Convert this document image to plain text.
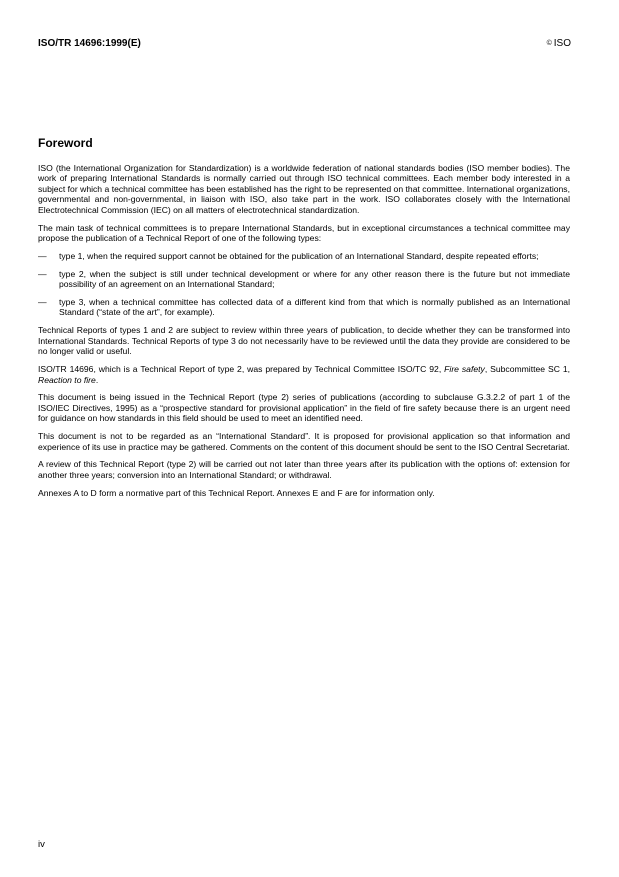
ISO/TR 14696:1999(E)	© ISO
Foreword

ISO (the International Organization for Standardization) is a worldwide federation of national standards bodies (ISO member bodies). The work of preparing International Standards is normally carried out through ISO technical committees. Each member body interested in a subject for which a technical committee has been established has the right to be represented on that committee. International organizations, governmental and non-governmental, in liaison with ISO, also take part in the work. ISO collaborates closely with the International Electrotechnical Commission (IEC) on all matters of electrotechnical standardization.

The main task of technical committees is to prepare International Standards, but in exceptional circumstances a technical committee may propose the publication of a Technical Report of one of the following types:

—	type 1, when the required support cannot be obtained for the publication of an International Standard, despite repeated efforts;
—	type 2, when the subject is still under technical development or where for any other reason there is the future but not immediate possibility of an agreement on an International Standard;
—	type 3, when a technical committee has collected data of a different kind from that which is normally published as an International Standard (“state of the art”, for example).

Technical Reports of types 1 and 2 are subject to review within three years of publication, to decide whether they can be transformed into International Standards. Technical Reports of type 3 do not necessarily have to be reviewed until the data they provide are considered to be no longer valid or useful.

ISO/TR 14696, which is a Technical Report of type 2, was prepared by Technical Committee ISO/TC 92, Fire safety, Subcommittee SC 1, Reaction to fire.

This document is being issued in the Technical Report (type 2) series of publications (according to subclause G.3.2.2 of part 1 of the ISO/IEC Directives, 1995) as a “prospective standard for provisional application” in the field of fire safety because there is an urgent need for guidance on how standards in this field should be used to meet an identified need.

This document is not to be regarded as an “International Standard”. It is proposed for provisional application so that information and experience of its use in practice may be gathered. Comments on the content of this document should be sent to the ISO Central Secretariat.

A review of this Technical Report (type 2) will be carried out not later than three years after its publication with the options of: extension for another three years; conversion into an International Standard; or withdrawal.

Annexes A to D form a normative part of this Technical Report. Annexes E and F are for information only.

iv
